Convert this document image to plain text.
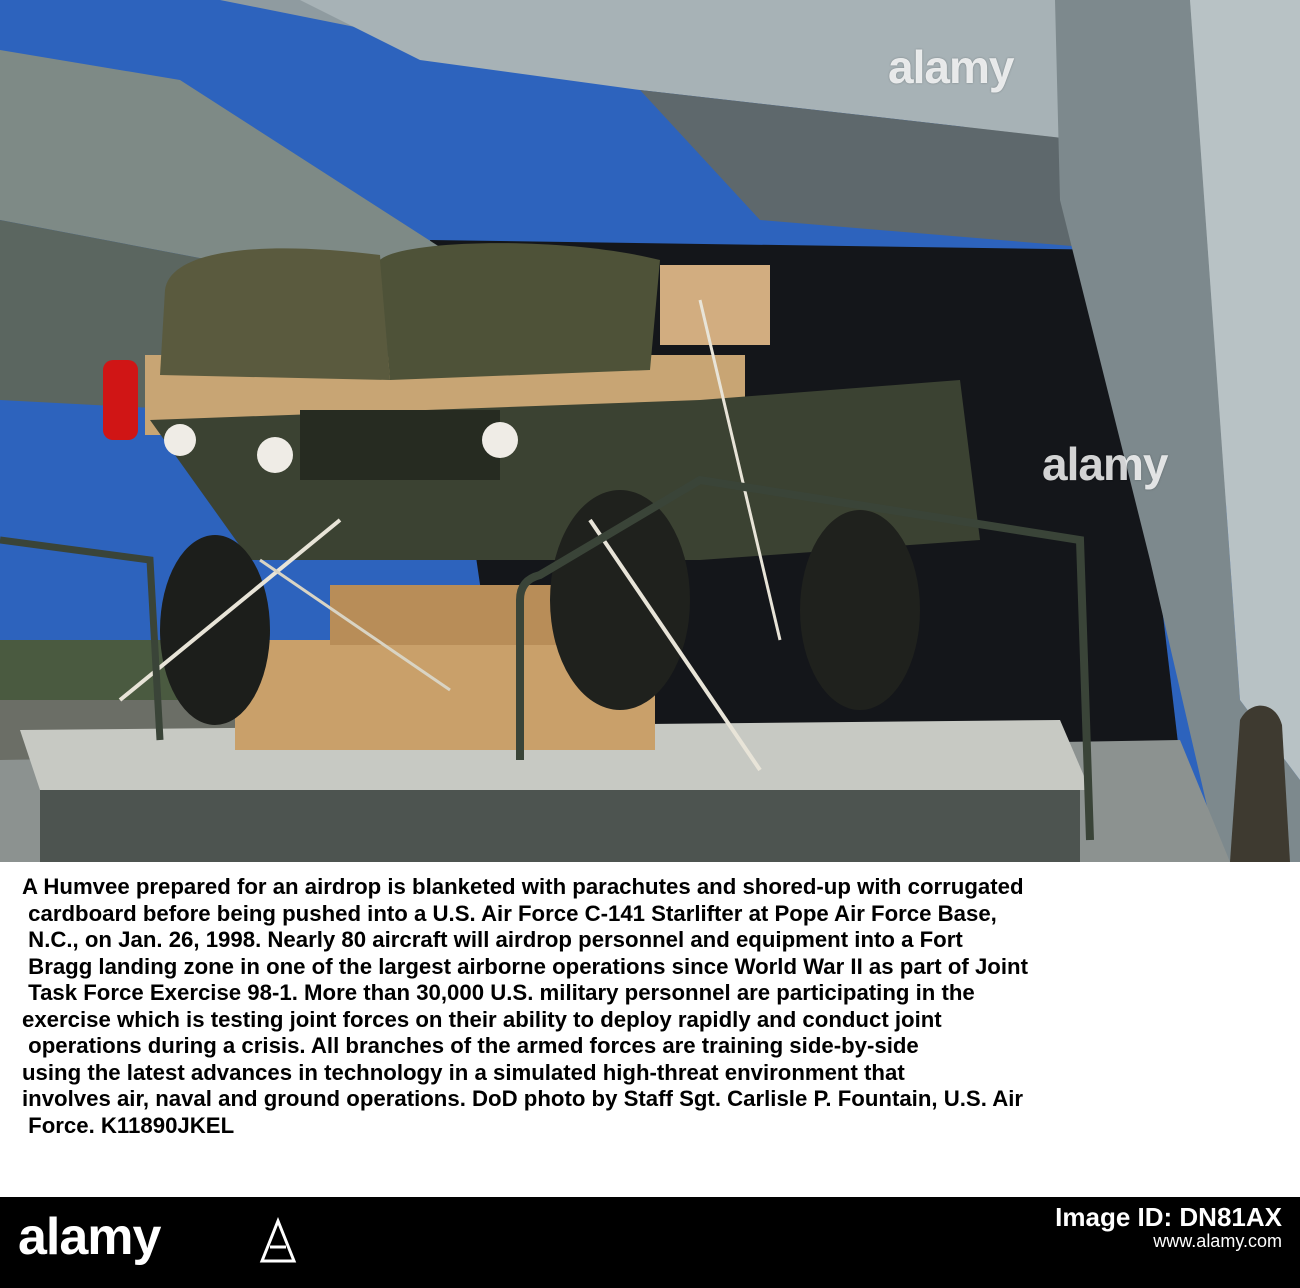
alamy
alamy
A Humvee prepared for an airdrop is blanketed with parachutes and shored-up with corrugated
cardboard before being pushed into a U.S. Air Force C-141 Starlifter at Pope Air Force Base,
N.C., on Jan. 26, 1998. Nearly 80 aircraft will airdrop personnel and equipment into a Fort
Bragg landing zone in one of the largest airborne operations since World War II as part of Joint
Task Force Exercise 98-1. More than 30,000 U.S. military personnel are participating in the
exercise which is testing joint forces on their ability to deploy rapidly and conduct joint
operations during a crisis. All branches of the armed forces are training side-by-side
using the latest advances in technology in a simulated high-threat environment that
involves air, naval and ground operations. DoD photo by Staff Sgt. Carlisle P. Fountain, U.S. Air
Force. K11890JKEL
alamy	Image ID: DN81AX
www.alamy.com
